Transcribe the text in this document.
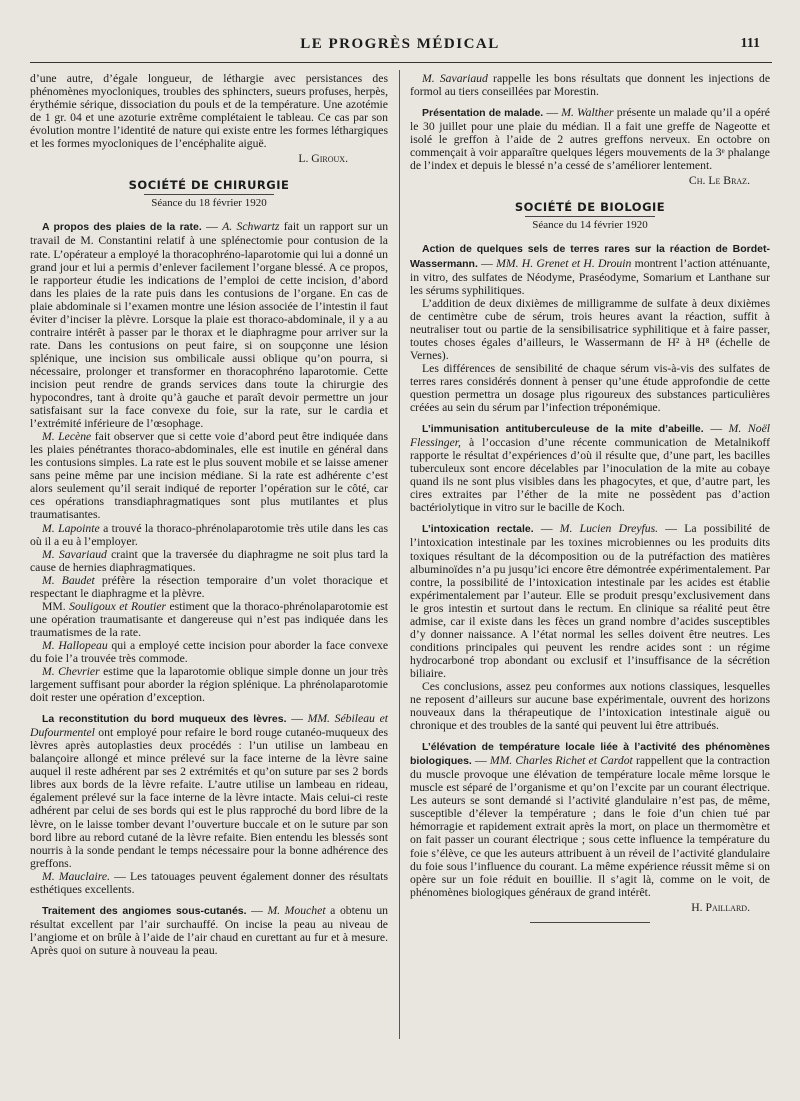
LE PROGRÈS MÉDICAL	111

d’une autre, d’égale longueur, de léthargie avec persistances des phénomènes myocloniques, troubles des sphincters, sueurs profuses, herpès, érythémie sérique, dissociation du pouls et de la température. Une azotémie de 1 gr. 04 et une azoturie extrême complétaient le tableau. Ce cas par son évolution montre l’identité de nature qui existe entre les formes léthargiques et les formes myocloniques de l’encéphalite aiguë.

L. Giroux.

SOCIÉTÉ DE CHIRURGIE
Séance du 18 février 1920

A propos des plaies de la rate. — A. Schwartz fait un rapport sur un travail de M. Constantini relatif à une splénectomie pour contusion de la rate. L’opérateur a employé la thoracophréno-laparotomie qui lui a donné un grand jour et lui a permis d’enlever facilement l’organe blessé. A ce propos, le rapporteur étudie les indications de l’emploi de cette incision, d’abord dans les plaies de la rate puis dans les contusions de l’organe. En cas de plaie abdominale si l’examen montre une lésion associée de l’intestin il faut éviter d’inciser la plèvre. Lorsque la plaie est thoraco-abdominale, il y a au contraire intérêt à passer par le thorax et le diaphragme pour arriver sur la rate. Dans les contusions on peut faire, si on soupçonne une lésion splénique, une incision sus ombilicale aussi oblique qu’on pourra, si nécessaire, prolonger et transformer en thoracophréno laparotomie. Cette incision peut rendre de grands services dans toute la chirurgie des hypocondres, tant à droite qu’à gauche et paraît devoir permettre un jour satisfaisant sur la face convexe du foie, sur la rate, sur le cardia et l’extrémité inférieure de l’œsophage.

M. Lecène fait observer que si cette voie d’abord peut être indiquée dans les plaies pénétrantes thoraco-abdominales, elle est inutile en général dans les contusions simples. La rate est le plus souvent mobile et se laisse amener sans peine même par une incision médiane. Si la rate est adhérente c’est alors seulement qu’il serait indiqué de reporter l’opération sur le côté, car ces opérations transdiaphragmatiques sont plus mutilantes et plus traumatisantes.

M. Lapointe a trouvé la thoraco-phrénolaparotomie très utile dans les cas où il a eu à l’employer.

M. Savariaud craint que la traversée du diaphragme ne soit plus tard la cause de hernies diaphragmatiques.

M. Baudet préfère la résection temporaire d’un volet thoracique et respectant le diaphragme et la plèvre.

MM. Souligoux et Routier estiment que la thoraco-phrénolaparotomie est une opération traumatisante et dangereuse qui n’est pas indiquée dans les traumatismes de la rate.

M. Hallopeau qui a employé cette incision pour aborder la face convexe du foie l’a trouvée très commode.

M. Chevrier estime que la laparotomie oblique simple donne un jour très largement suffisant pour aborder la région splénique. La phrénolaparotomie doit rester une opération d’exception.

La reconstitution du bord muqueux des lèvres. — MM. Sébileau et Dufourmentel ont employé pour refaire le bord rouge cutanéo-muqueux des lèvres après autoplasties deux procédés : l’un utilise un lambeau en balançoire allongé et mince prélevé sur la face interne de la lèvre saine auquel il reste adhérent par ses 2 extrémités et qu’on suture par ses 2 bords libres aux bords de la lèvre refaite. L’autre utilise un lambeau en rideau, également prélevé sur la face interne de la lèvre intacte. Mais celui-ci reste adhérent par celui de ses bords qui est le plus rapproché du bord libre de la lèvre, on le laisse tomber devant l’ouverture buccale et on le suture par son bord libre au rebord cutané de la lèvre refaite. Bien entendu les blessés sont nourris à la sonde pendant le temps nécessaire pour la bonne adhérence des greffons.

M. Mauclaire. — Les tatouages peuvent également donner des résultats esthétiques excellents.

Traitement des angiomes sous-cutanés. — M. Mouchet a obtenu un résultat excellent par l’air surchauffé. On incise la peau au niveau de l’angiome et on brûle à l’aide de l’air chaud en curettant au fur et à mesure. Après quoi on suture à nouveau la peau.

M. Savariaud rappelle les bons résultats que donnent les injections de formol au tiers conseillées par Morestin.

Présentation de malade. — M. Walther présente un malade qu’il a opéré le 30 juillet pour une plaie du médian. Il a fait une greffe de Nageotte et isolé le greffon à l’aide de 2 autres greffons nerveux. En octobre on commençait à voir apparaître quelques légers mouvements de la 3ᵉ phalange de l’index et depuis le blessé n’a cessé de s’améliorer lentement.

Ch. Le Braz.

SOCIÉTÉ DE BIOLOGIE
Séance du 14 février 1920

Action de quelques sels de terres rares sur la réaction de Bordet-Wassermann. — MM. H. Grenet et H. Drouin montrent l’action atténuante, in vitro, des sulfates de Néodyme, Praséodyme, Somarium et Lanthane sur les sérums syphilitiques.

L’addition de deux dixièmes de milligramme de sulfate à deux dixièmes de centimètre cube de sérum, trois heures avant la réaction, suffit à neutraliser tout ou partie de la sensibilisatrice syphilitique et à faire passer, toutes choses égales d’ailleurs, le Wassermann de H² à H⁸ (échelle de Vernes).

Les différences de sensibilité de chaque sérum vis-à-vis des sulfates de terres rares considérés donnent à penser qu’une étude approfondie de cette question permettra un dosage plus rigoureux des substances particulières créées au sein du sérum par l’infection tréponémique.

L’immunisation antituberculeuse de la mite d’abeille. — M. Noël Flessinger, à l’occasion d’une récente communication de Metalnikoff rapporte le résultat d’expériences d’où il résulte que, d’une part, les bacilles tuberculeux sont encore décelables par l’inoculation de la mite au cobaye quand ils ne sont plus visibles dans les phagocytes, et que, d’autre part, les cires extraites par l’éther de la mite ne possèdent pas d’action bactériolytique in vitro sur le bacille de Koch.

L’intoxication rectale. — M. Lucien Dreyfus. — La possibilité de l’intoxication intestinale par les toxines microbiennes ou les produits dits toxiques résultant de la décomposition ou de la putréfaction des matières albuminoïdes n’a pu jusqu’ici encore être démontrée expérimentalement. Par contre, la possibilité de l’intoxication intestinale par les acides est établie expérimentalement par l’auteur. Elle se produit presqu’exclusivement dans le gros intestin et surtout dans le rectum. En clinique sa réalité peut être admise, car il existe dans les fèces un grand nombre d’acides susceptibles d’y donner naissance. A l’état normal les selles doivent être neutres. Les conditions principales qui peuvent les rendre acides sont : un régime hydrocarboné trop abondant ou exclusif et l’insuffisance de la sécrétion biliaire.

Ces conclusions, assez peu conformes aux notions classiques, lesquelles ne reposent d’ailleurs sur aucune base expérimentale, ouvrent des horizons nouveaux dans la thérapeutique de l’intoxication intestinale aiguë ou chronique et des troubles de la santé qui peuvent lui être attribués.

L’élévation de température locale liée à l’activité des phénomènes biologiques. — MM. Charles Richet et Cardot rappellent que la contraction du muscle provoque une élévation de température locale même lorsque le muscle est séparé de l’organisme et qu’on l’excite par un courant électrique. Les auteurs se sont demandé si l’activité glandulaire n’est pas, de même, susceptible d’élever la température ; dans le foie d’un chien tué par hémorragie et rapidement extrait après la mort, on place un thermomètre et on fait passer un courant électrique ; sous cette influence la température du foie s’élève, ce que les auteurs attribuent à un réveil de l’activité glandulaire du foie sous l’influence du courant. La même expérience réussit même si on opère sur un foie réduit en bouillie. Il s’agit là, comme on le voit, de phénomènes biologiques généraux de grand intérêt.

H. Paillard.
